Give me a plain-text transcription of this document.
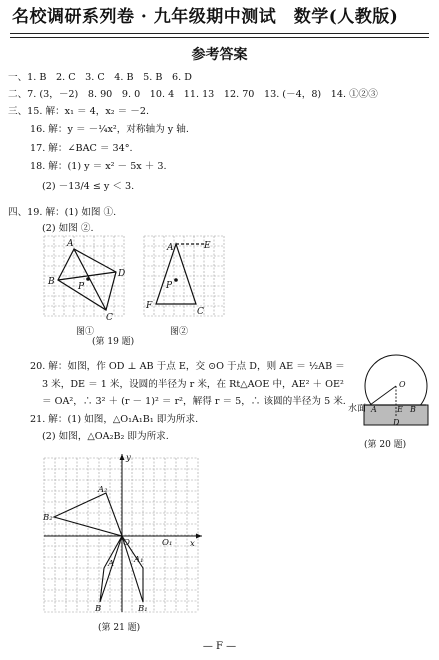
名校调研系列卷 · 九年级期中测试　数学(人教版)
参考答案
一、1. B　2. C　3. C　4. B　5. B　6. D
二、7. (3，－2)　8. 90　9. 0　10. 4　11. 13　12. 70　13. (－4，8)　14. ①②③
三、15. 解：x₁ ＝ 4，x₂ ＝ －2.
16. 解：y ＝ －¼x²，对称轴为 y 轴.
17. 解：∠BAC ＝ 34°.
18. 解：(1) y ＝ x² － 5x ＋ 3.
(2) －13/4 ≤ y ＜ 3.
四、19. 解：(1) 如图 ①.
(2) 如图 ②.
A
P
B
C
D
A	E
P
F
C
图①	图②
(第 19 题)
20. 解：如图，作 OD ⊥ AB 于点 E，交 ⊙O 于点 D，则 AE ＝ ½AB ＝
3 米，DE ＝ 1 米，设圆的半径为 r 米，在 Rt△AOE 中，AE² ＋ OE²
＝ OA²，∴ 3² ＋ (r － 1)² ＝ r²，解得 r ＝ 5，∴ 该圆的半径为 5 米.
21. 解：(1) 如图，△O₁A₁B₁ 即为所求.
(2) 如图，△OA₂B₂ 即为所求.
O
A	E B
D
水面
(第 20 题)
x
y
A₂
B₂
O
A₁
O₁
A
B	B₁
(第 21 题)
— F —
